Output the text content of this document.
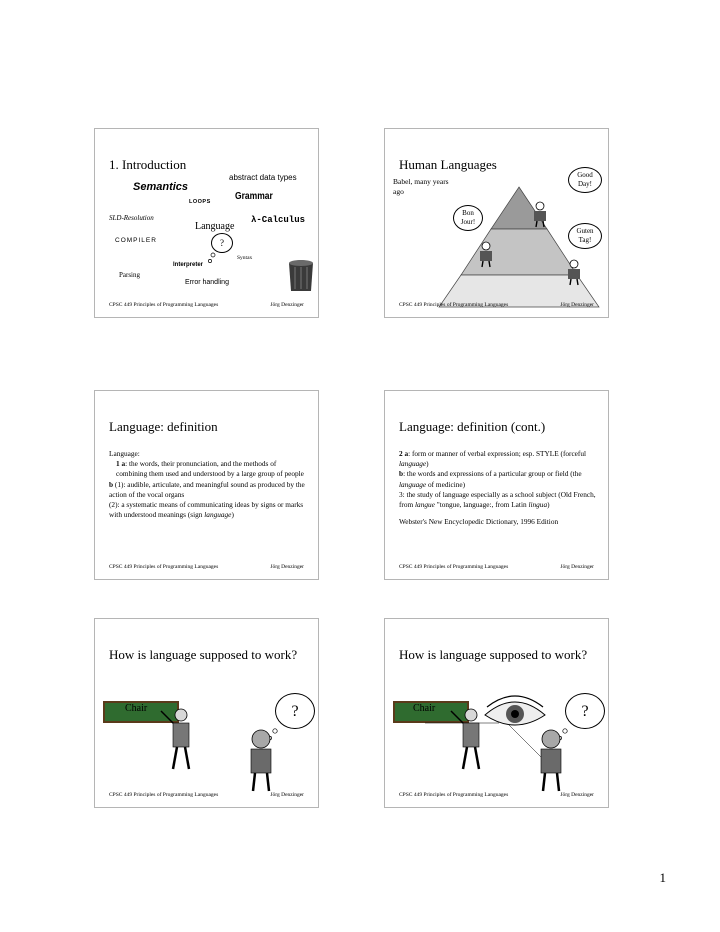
1. Introduction
abstract data types
Semantics
Grammar
LOOPS
SLD-Resolution	λ-Calculus
Language
COMPILER	?
Syntax
Interpreter
Parsing
Error handling
CPSC 449 Principles of Programming Languages	Jörg Denzinger
Human Languages
Babel, many years ago
Good Day!
Bon Jour!
Guten Tag!
CPSC 449 Principles of Programming Languages	Jörg Denzinger
Language: definition

Language:

1 a: the words, their pronunciation, and the methods of combining them used and understood by a large group of people

b (1): audible, articulate, and meaningful sound as produced by the action of the vocal organs

(2): a systematic means of communicating ideas by signs or marks with understood meanings (sign language)

CPSC 449 Principles of Programming Languages	Jörg Denzinger
Language: definition (cont.)

2 a: form or manner of verbal expression; esp. STYLE (forceful language)

b: the words and expressions of a particular group or field (the language of medicine)

3: the study of language especially as a school subject (Old French, from langue "tongue, language:, from Latin lingua)

Webster's New Encyclopedic Dictionary, 1996 Edition

CPSC 449 Principles of Programming Languages	Jörg Denzinger
How is language supposed to work?
Chair	?
CPSC 449 Principles of Programming Languages	Jörg Denzinger
How is language supposed to work?
Chair	?
CPSC 449 Principles of Programming Languages	Jörg Denzinger
1
